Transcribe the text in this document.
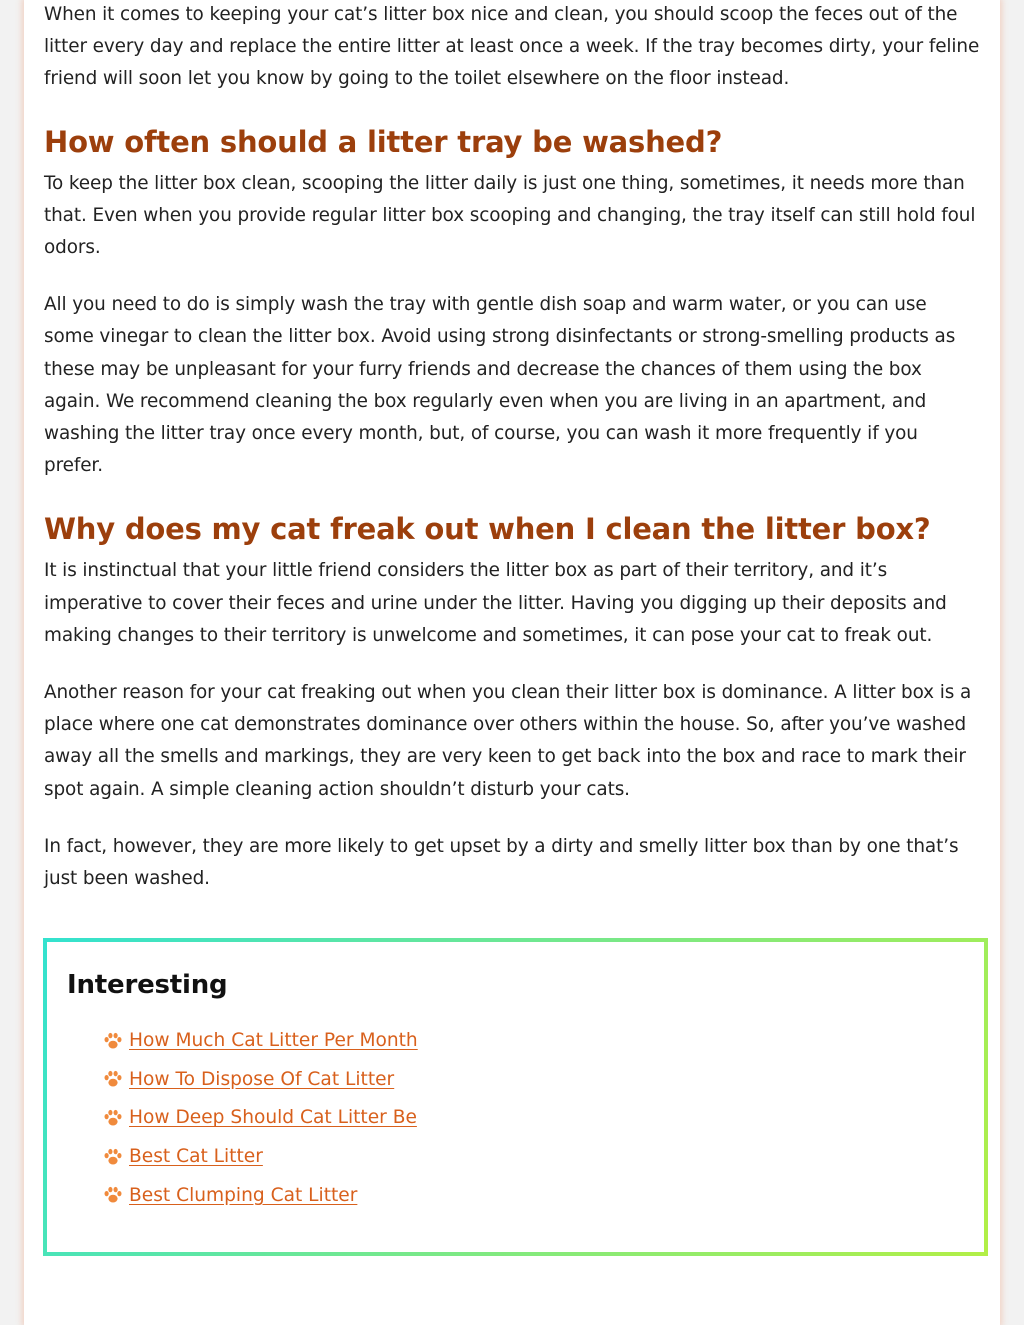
When it comes to keeping your cat’s litter box nice and clean, you should scoop the feces out of the litter every day and replace the entire litter at least once a week. If the tray becomes dirty, your feline friend will soon let you know by going to the toilet elsewhere on the floor instead.

How often should a litter tray be washed?

To keep the litter box clean, scooping the litter daily is just one thing, sometimes, it needs more than that. Even when you provide regular litter box scooping and changing, the tray itself can still hold foul odors.

All you need to do is simply wash the tray with gentle dish soap and warm water, or you can use some vinegar to clean the litter box. Avoid using strong disinfectants or strong-smelling products as these may be unpleasant for your furry friends and decrease the chances of them using the box again. We recommend cleaning the box regularly even when you are living in an apartment, and washing the litter tray once every month, but, of course, you can wash it more frequently if you prefer.

Why does my cat freak out when I clean the litter box?

It is instinctual that your little friend considers the litter box as part of their territory, and it’s imperative to cover their feces and urine under the litter. Having you digging up their deposits and making changes to their territory is unwelcome and sometimes, it can pose your cat to freak out.

Another reason for your cat freaking out when you clean their litter box is dominance. A litter box is a place where one cat demonstrates dominance over others within the house. So, after you’ve washed away all the smells and markings, they are very keen to get back into the box and race to mark their spot again. A simple cleaning action shouldn’t disturb your cats.

In fact, however, they are more likely to get upset by a dirty and smelly litter box than by one that’s just been washed.

Interesting
How Much Cat Litter Per Month
How To Dispose Of Cat Litter
How Deep Should Cat Litter Be
Best Cat Litter
Best Clumping Cat Litter
